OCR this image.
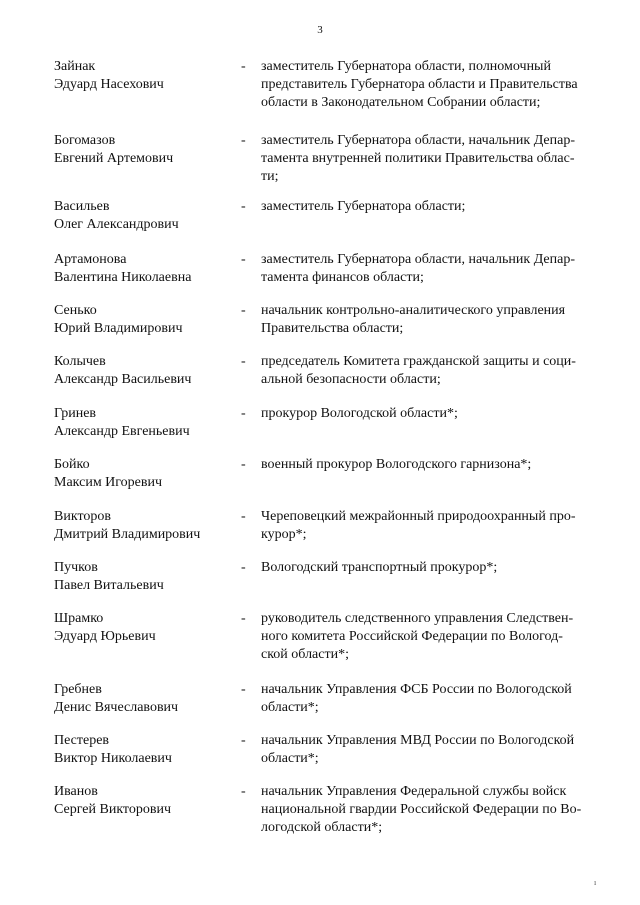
3
Зайнак
Эдуард Насехович
- заместитель Губернатора области, полномочный
представитель Губернатора области и Правительства
области в Законодательном Собрании области;
Богомазов
Евгений Артемович
- заместитель Губернатора области, начальник Депар-
тамента внутренней политики Правительства облас-
ти;
Васильев
Олег Александрович
- заместитель Губернатора области;
Артамонова
Валентина Николаевна
- заместитель Губернатора области, начальник Депар-
тамента финансов области;
Сенько
Юрий Владимирович
- начальник контрольно-аналитического управления
Правительства области;
Колычев
Александр Васильевич
- председатель Комитета гражданской защиты и соци-
альной безопасности области;
Гринев
Александр Евгеньевич
- прокурор Вологодской области*;
Бойко
Максим Игоревич
- военный прокурор Вологодского гарнизона*;
Викторов
Дмитрий Владимирович
- Череповецкий межрайонный природоохранный про-
курор*;
Пучков
Павел Витальевич
- Вологодский транспортный прокурор*;
Шрамко
Эдуард Юрьевич
- руководитель следственного управления Следствен-
ного комитета Российской Федерации по Вологод-
ской области*;
Гребнев
Денис Вячеславович
- начальник Управления ФСБ России по Вологодской
области*;
Пестерев
Виктор Николаевич
- начальник Управления МВД России по Вологодской
области*;
Иванов
Сергей Викторович
- начальник Управления Федеральной службы войск
национальной гвардии Российской Федерации по Во-
логодской области*;
ı
